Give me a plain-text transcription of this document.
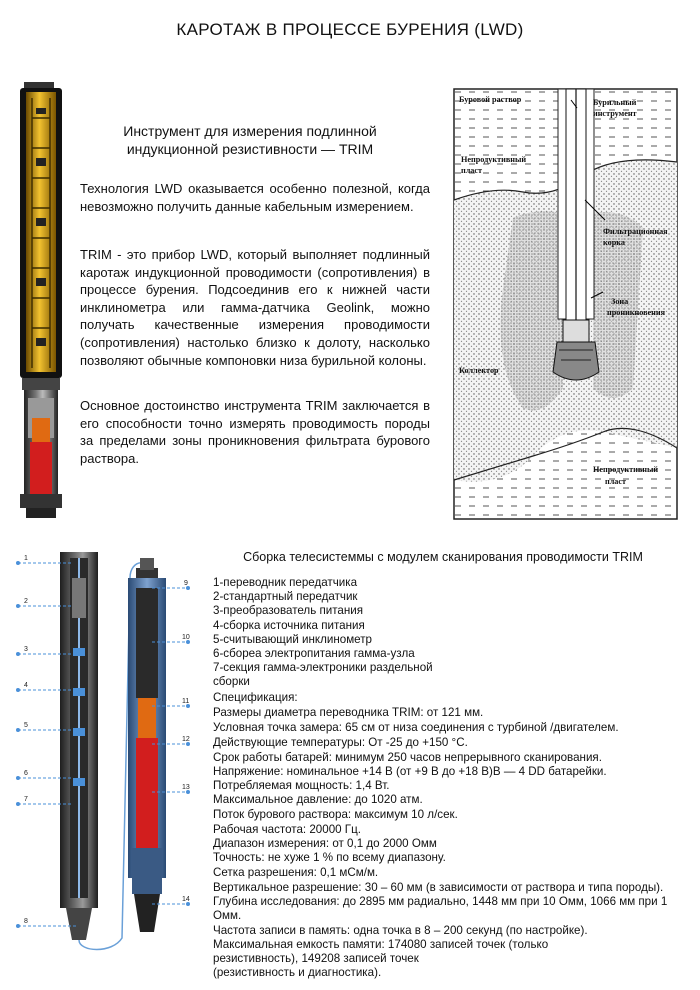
КАРОТАЖ В ПРОЦЕССЕ БУРЕНИЯ (LWD)
Инструмент для измерения подлинной
индукционной резистивности — TRIM
Технология LWD оказывается особенно полезной, когда невозможно получить данные кабельным измерением.
TRIM - это прибор LWD, который выполняет подлинный каротаж индукционной проводимости (сопротивления) в процессе бурения. Подсоединив его к нижней части инклинометра или гамма-датчика Geolink, можно получать качественные измерения проводимости (сопротивления) настолько близко к долоту, насколько позволяют обычные компоновки низа бурильной колоны.
Основное достоинство инструмента TRIM заключается в его способности точно измерять проводимость породы за пределами зоны проникновения фильтрата бурового раствора.
Буровой раствор	Бурильный
инструмент
Непродуктивный
пласт
Фильтрационная
корка
Зона
проникновения
Коллектор
Непродуктивный
пласт
1
2
3
4
5
6
7
8
9
10
11
12
13
14
Сборка телесистеммы с модулем сканирования проводимости TRIM
1-переводник передатчика
2-стандартный передатчик
3-преобразователь питания
4-сборка источника питания
5-считывающий инклинометр
6-сбореа электропитания гамма-узла
7-секция гамма-электроники раздельной
сборки
Спецификация:
Размеры диаметра переводника TRIM: от 121 мм.
Условная точка замера: 65 см от низа соединения с турбиной /двигателем.
Действующие температуры: От -25 до +150 °С.
Срок работы батарей: минимум 250 часов непрерывного сканирования.
Напряжение: номинальное +14 В (от +9 В до +18 В)В — 4 DD батарейки.
Потребляемая мощность: 1,4 Вт.
Максимальное давление: до 1020 атм.
Поток бурового раствора: максимум 10 л/сек.
Рабочая частота: 20000 Гц.
Диапазон измерения: от 0,1 до 2000 Омм
Точность: не хуже 1 % по всему диапазону.
Сетка разрешения: 0,1 мСм/м.
Вертикальное разрешение: 30 – 60 мм (в зависимости от раствора и типа породы).
Глубина исследования: до 2895 мм радиально, 1448 мм при 10 Омм, 1066 мм при 1
Омм.
Частота записи в память: одна точка в 8 – 200 секунд (по настройке).
Максимальная емкость памяти: 174080 записей точек (только
резистивность), 149208 записей точек
(резистивность и диагностика).
